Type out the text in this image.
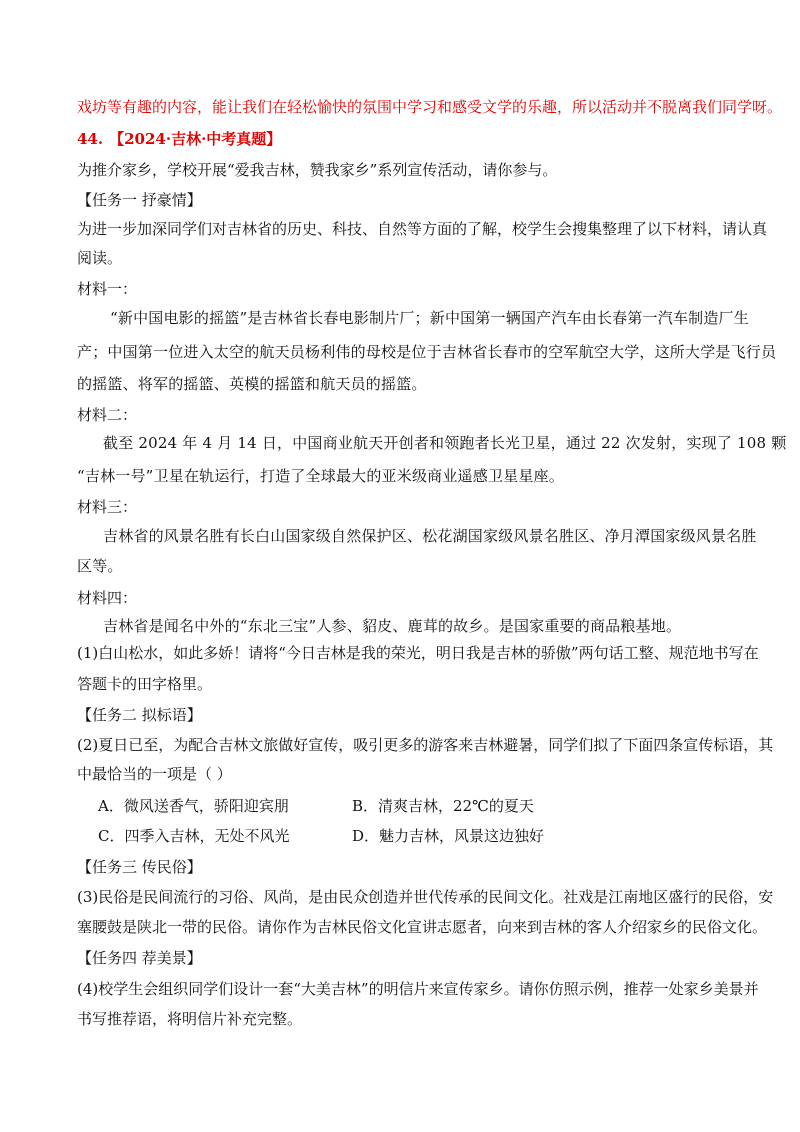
戏坊等有趣的内容，能让我们在轻松愉快的氛围中学习和感受文学的乐趣，所以活动并不脱离我们同学呀。
44. 【2024·吉林·中考真题】
为推介家乡，学校开展“爱我吉林，赞我家乡”系列宣传活动，请你参与。
【任务一 抒豪情】
为进一步加深同学们对吉林省的历史、科技、自然等方面的了解，校学生会搜集整理了以下材料，请认真
阅读。
材料一：
“新中国电影的摇篮”是吉林省长春电影制片厂；新中国第一辆国产汽车由长春第一汽车制造厂生
产；中国第一位进入太空的航天员杨利伟的母校是位于吉林省长春市的空军航空大学，这所大学是飞行员
的摇篮、将军的摇篮、英模的摇篮和航天员的摇篮。
材料二：
截至 2024 年 4 月 14 日，中国商业航天开创者和领跑者长光卫星，通过 22 次发射，实现了 108 颗
“吉林一号”卫星在轨运行，打造了全球最大的亚米级商业遥感卫星星座。
材料三：
吉林省的风景名胜有长白山国家级自然保护区、松花湖国家级风景名胜区、净月潭国家级风景名胜
区等。
材料四：
吉林省是闻名中外的“东北三宝”人参、貂皮、鹿茸的故乡。是国家重要的商品粮基地。
(1)白山松水，如此多娇！请将“今日吉林是我的荣光，明日我是吉林的骄傲”两句话工整、规范地书写在
答题卡的田字格里。
【任务二 拟标语】
(2)夏日已至，为配合吉林文旅做好宣传，吸引更多的游客来吉林避暑，同学们拟了下面四条宣传标语，其
中最恰当的一项是（ ）
A．微风送香气，骄阳迎宾朋	B．清爽吉林，22℃的夏天
C．四季入吉林，无处不风光	D．魅力吉林，风景这边独好
【任务三 传民俗】
(3)民俗是民间流行的习俗、风尚，是由民众创造并世代传承的民间文化。社戏是江南地区盛行的民俗，安
塞腰鼓是陕北一带的民俗。请你作为吉林民俗文化宣讲志愿者，向来到吉林的客人介绍家乡的民俗文化。
【任务四 荐美景】
(4)校学生会组织同学们设计一套“大美吉林”的明信片来宣传家乡。请你仿照示例，推荐一处家乡美景并
书写推荐语，将明信片补充完整。
